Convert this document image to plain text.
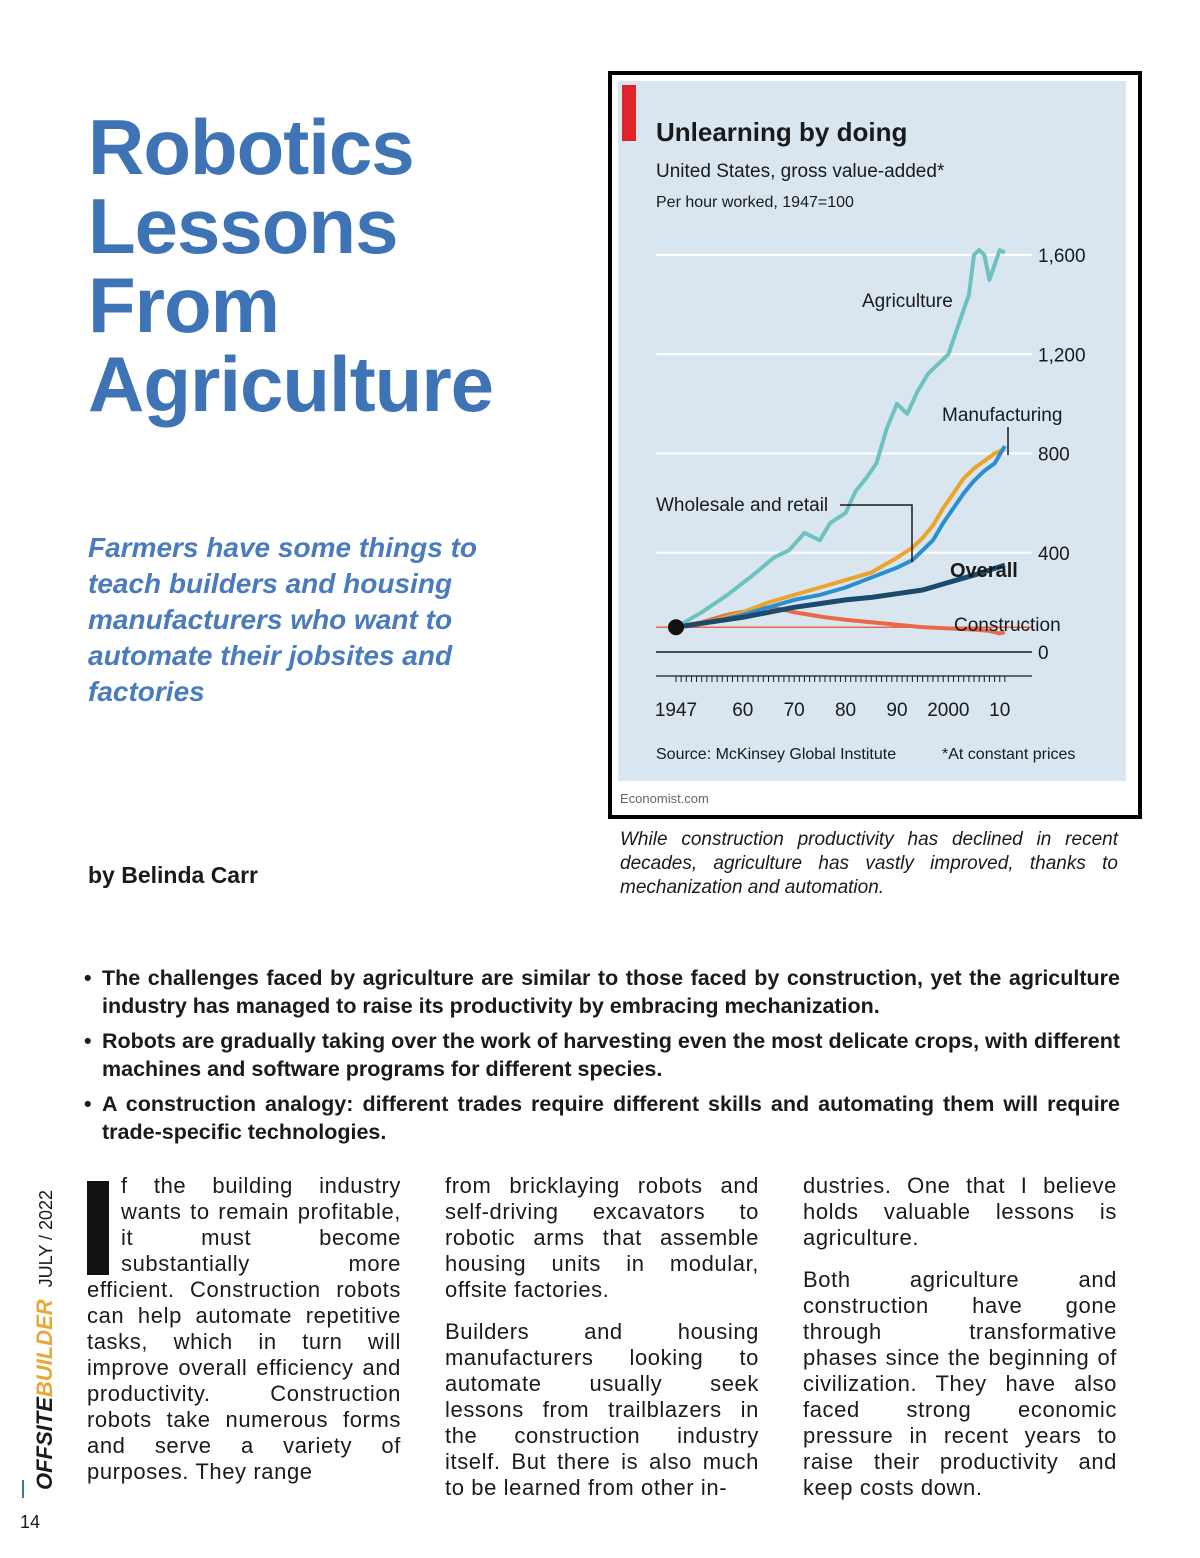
Robotics Lessons From Agriculture
Farmers have some things to teach builders and housing manufacturers who want to automate their jobsites and factories
by Belinda Carr
Unlearning by doing
United States, gross value-added*
Per hour worked, 1947=100
0
400
800
1,200
1,600
1947 60 70 80 90 2000 10
Agriculture
Manufacturing
Wholesale and retail
Overall
Construction
Source: McKinsey Global Institute	*At constant prices
Economist.com
While construction productivity has declined in recent decades, agriculture has vastly improved, thanks to mechanization and automation.
• The challenges faced by agriculture are similar to those faced by construction, yet the agriculture industry has managed to raise its productivity by embracing mechanization.
• Robots are gradually taking over the work of harvesting even the most delicate crops, with different machines and software programs for different species.
• A construction analogy: different trades require different skills and automating them will require trade-specific technologies.

f the building industry wants to remain profitable, it must become substantially more efficient. Construction robots can help automate repetitive tasks, which in turn will improve overall efficiency and productivity. Construction robots take numerous forms and serve a variety of purposes. They range

from bricklaying robots and self-driving excavators to robotic arms that assemble housing units in modular, offsite factories.

Builders and housing manufacturers looking to automate usually seek lessons from trailblazers in the construction industry itself. But there is also much to be learned from other in-

dustries. One that I believe holds valuable lessons is agriculture.

Both agriculture and construction have gone through transformative phases since the beginning of civilization. They have also faced strong economic pressure in recent years to raise their productivity and keep costs down.

OFFSITEBUILDERJULY / 2022
14
